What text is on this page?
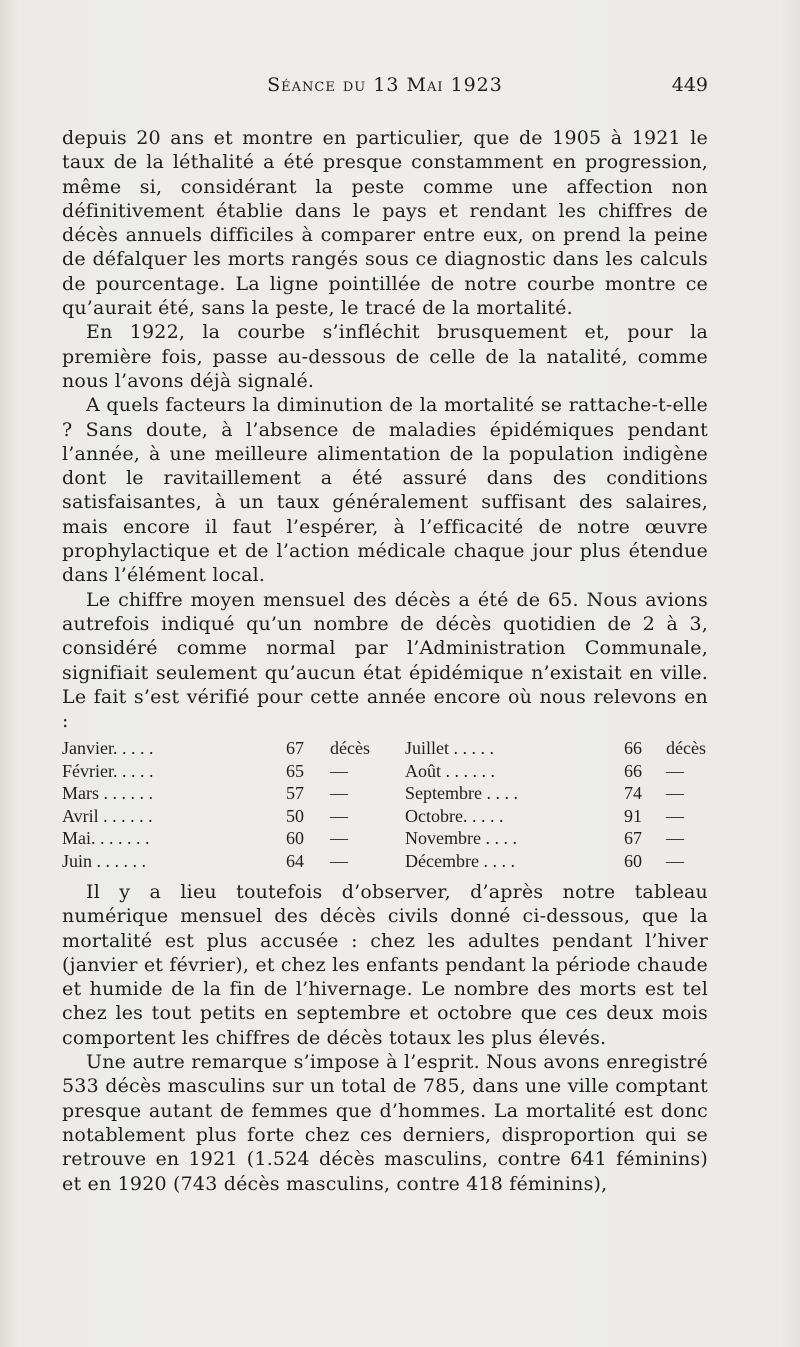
Séance du 13 Mai 1923	449

depuis 20 ans et montre en particulier, que de 1905 à 1921 le taux de la léthalité a été presque constamment en progression, même si, considérant la peste comme une affection non définitivement établie dans le pays et rendant les chiffres de décès annuels difficiles à comparer entre eux, on prend la peine de défalquer les morts rangés sous ce diagnostic dans les calculs de pourcentage. La ligne pointillée de notre courbe montre ce qu’aurait été, sans la peste, le tracé de la mortalité.

En 1922, la courbe s’infléchit brusquement et, pour la première fois, passe au-dessous de celle de la natalité, comme nous l’avons déjà signalé.

A quels facteurs la diminution de la mortalité se rattache-t-elle ? Sans doute, à l’absence de maladies épidémiques pendant l’année, à une meilleure alimentation de la population indigène dont le ravitaillement a été assuré dans des conditions satisfaisantes, à un taux généralement suffisant des salaires, mais encore il faut l’espérer, à l’efficacité de notre œuvre prophylactique et de l’action médicale chaque jour plus étendue dans l’élément local.

Le chiffre moyen mensuel des décès a été de 65. Nous avions autrefois indiqué qu’un nombre de décès quotidien de 2 à 3, considéré comme normal par l’Administration Communale, signifiait seulement qu’aucun état épidémique n’existait en ville. Le fait s’est vérifié pour cette année encore où nous relevons en :

Janvier. . . . .	67 décès Juillet . . . . .	66 décès
Février. . . . .	65 —	Août . . . . . .	66 —
Mars . . . . . .	57 —	Septembre . . . .	74 —
Avril . . . . . .	50 —	Octobre. . . . .	91 —
Mai. . . . . . .	60 —	Novembre . . . .	67 —
Juin . . . . . .	64 —	Décembre . . . .	60 —

Il y a lieu toutefois d’observer, d’après notre tableau numérique mensuel des décès civils donné ci-dessous, que la mortalité est plus accusée : chez les adultes pendant l’hiver (janvier et février), et chez les enfants pendant la période chaude et humide de la fin de l’hivernage. Le nombre des morts est tel chez les tout petits en septembre et octobre que ces deux mois comportent les chiffres de décès totaux les plus élevés.

Une autre remarque s’impose à l’esprit. Nous avons enregistré 533 décès masculins sur un total de 785, dans une ville comptant presque autant de femmes que d’hommes. La mortalité est donc notablement plus forte chez ces derniers, disproportion qui se retrouve en 1921 (1.524 décès masculins, contre 641 féminins) et en 1920 (743 décès masculins, contre 418 féminins),
